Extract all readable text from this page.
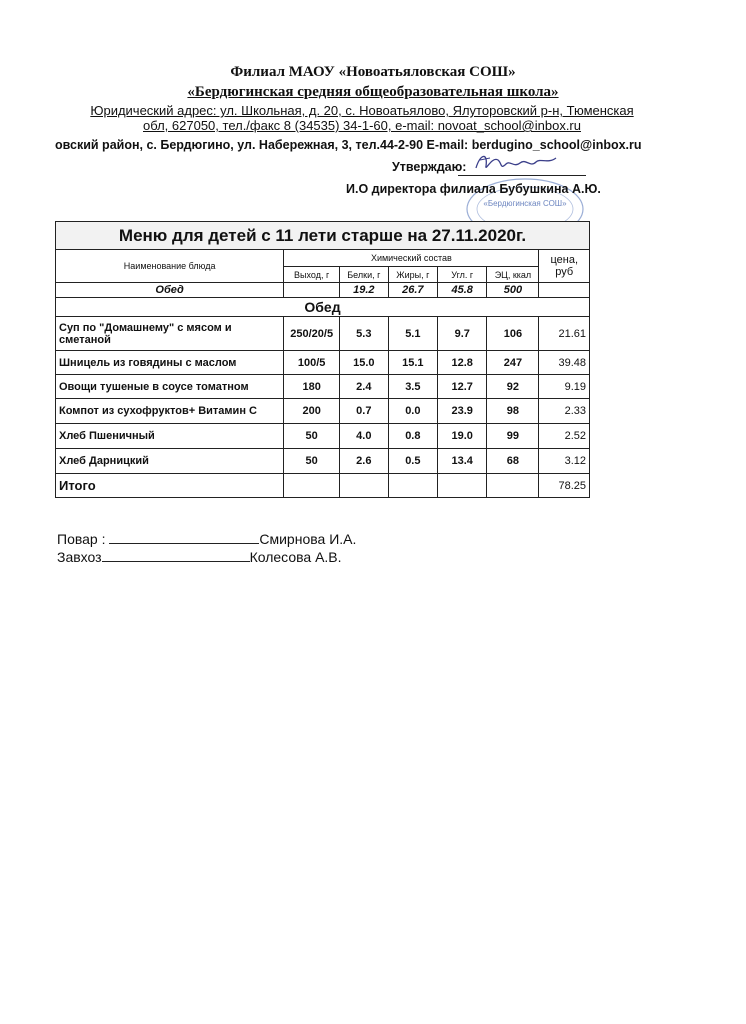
Филиал МАОУ «Новоатьяловская СОШ»
«Бердюгинская средняя общеобразовательная школа»
Юридический адрес: ул. Школьная, д. 20, с. Новоатьялово, Ялуторовский р-н, Тюменская
обл, 627050, тел./факс 8 (34535) 34-1-60, e-mail: novoat_school@inbox.ru
овский район, с. Бердюгино, ул. Набережная, 3, тел.44-2-90 E-mail: berdugino_school@inbox.ru
Утверждаю:
«Бердюгинская СОШ»
И.О директора филиала Бубушкина А.Ю.
Меню для детей с 11 лети старше на 27.11.2020г.						
Наименование блюда	Химический состав					цена, руб
	Выход, г	Белки, г	Жиры, г	Угл. г	ЭЦ, ккал	
Обед		19.2	26.7	45.8	500	
Обед						
Суп по "Домашнему" с мясом и сметаной	250/20/5	5.3	5.1	9.7	106	21.61
Шницель из говядины с маслом	100/5	15.0	15.1	12.8	247	39.48
Овощи тушеные в соусе томатном	180	2.4	3.5	12.7	92	9.19
Компот из сухофруктов+ Витамин С	200	0.7	0.0	23.9	98	2.33
Хлеб Пшеничный	50	4.0	0.8	19.0	99	2.52
Хлеб Дарницкий	50	2.6	0.5	13.4	68	3.12
Итого						78.25
Повар :	Смирнова И.А.
Завхоз	Колесова А.В.
